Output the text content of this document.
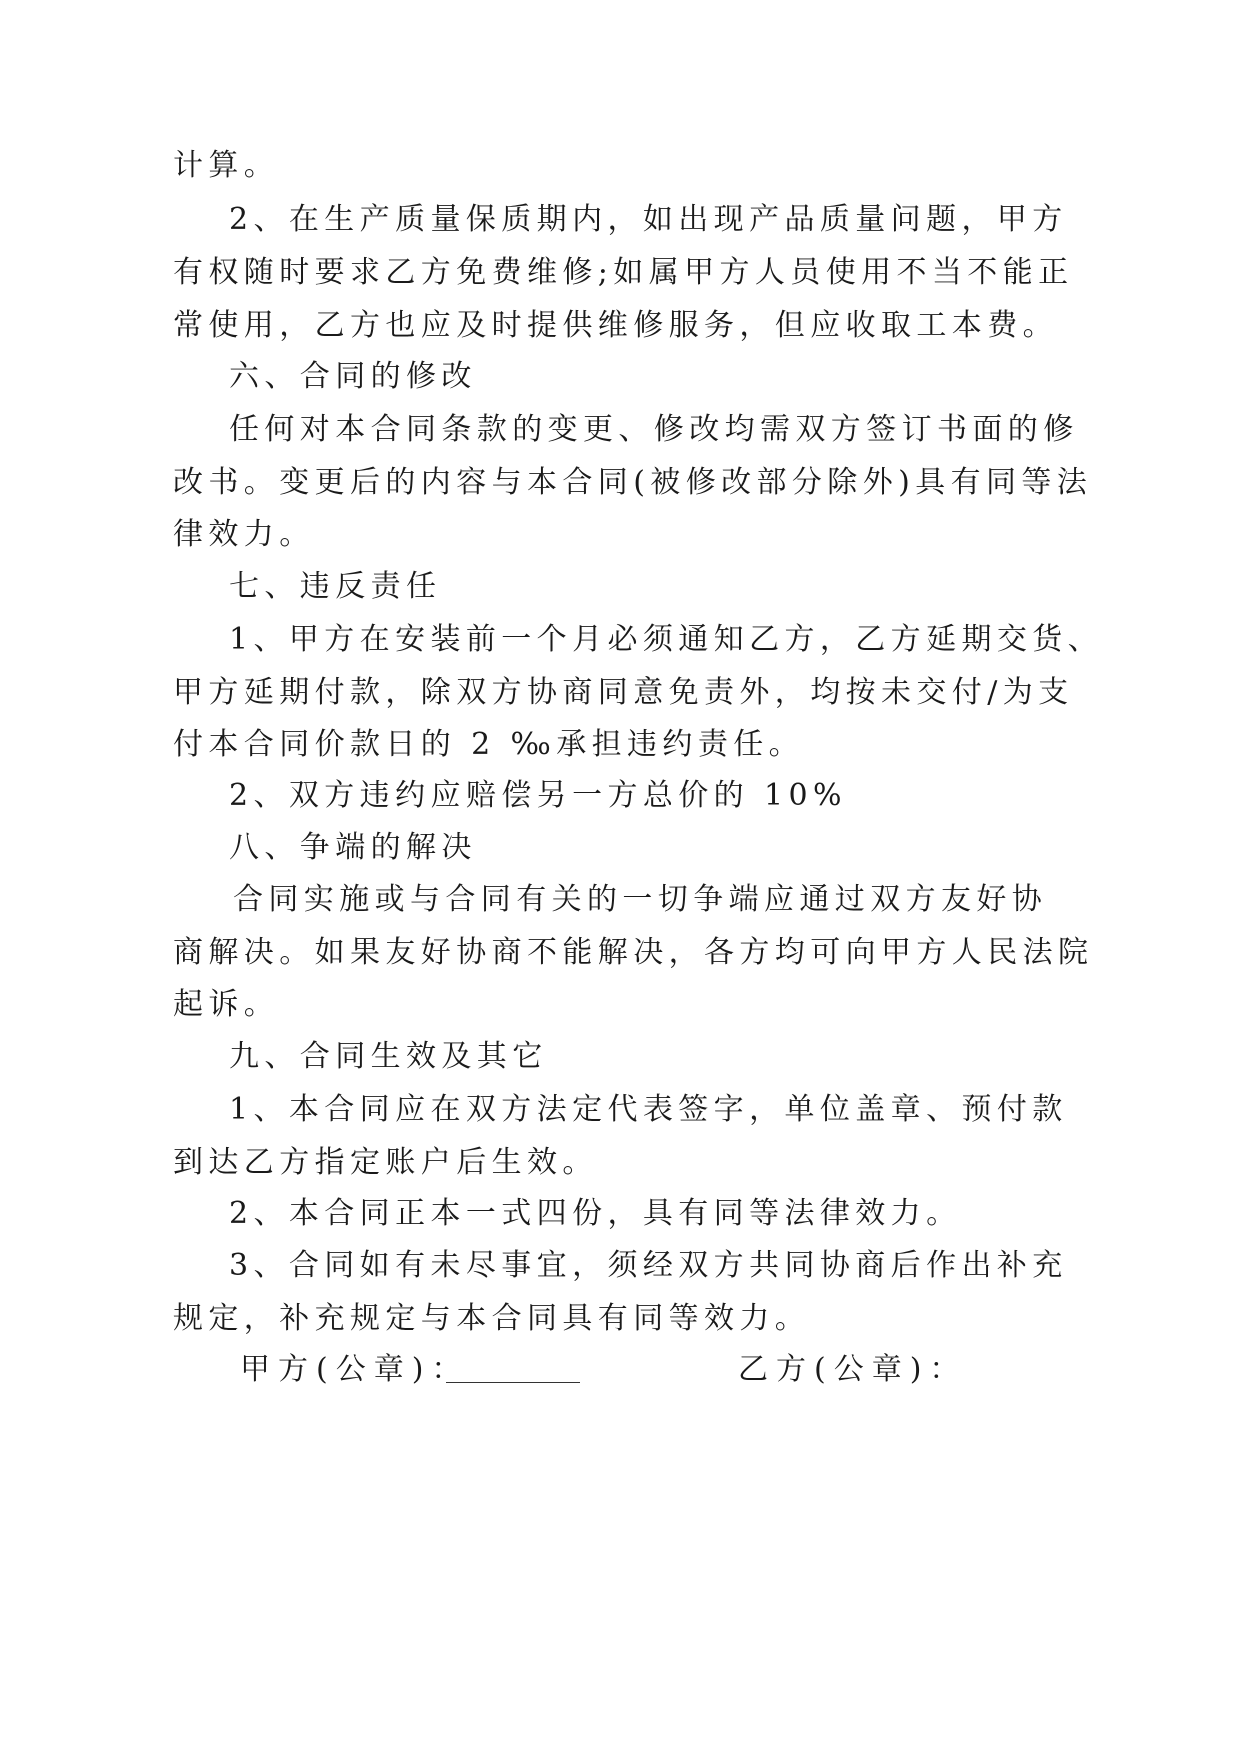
计算。
2、在生产质量保质期内，如出现产品质量问题，甲方
有权随时要求乙方免费维修;如属甲方人员使用不当不能正
常使用，乙方也应及时提供维修服务，但应收取工本费。
六、合同的修改
任何对本合同条款的变更、修改均需双方签订书面的修
改书。变更后的内容与本合同(被修改部分除外)具有同等法
律效力。
七、违反责任
1、甲方在安装前一个月必须通知乙方，乙方延期交货、
甲方延期付款，除双方协商同意免责外，均按未交付/为支
付本合同价款日的 2 ‰承担违约责任。
2、双方违约应赔偿另一方总价的 10%
八、争端的解决
合同实施或与合同有关的一切争端应通过双方友好协
商解决。如果友好协商不能解决，各方均可向甲方人民法院
起诉。
九、合同生效及其它
1、本合同应在双方法定代表签字，单位盖章、预付款
到达乙方指定账户后生效。
2、本合同正本一式四份，具有同等法律效力。
3、合同如有未尽事宜，须经双方共同协商后作出补充
规定，补充规定与本合同具有同等效力。
甲方(公章)：	乙方(公章)：
